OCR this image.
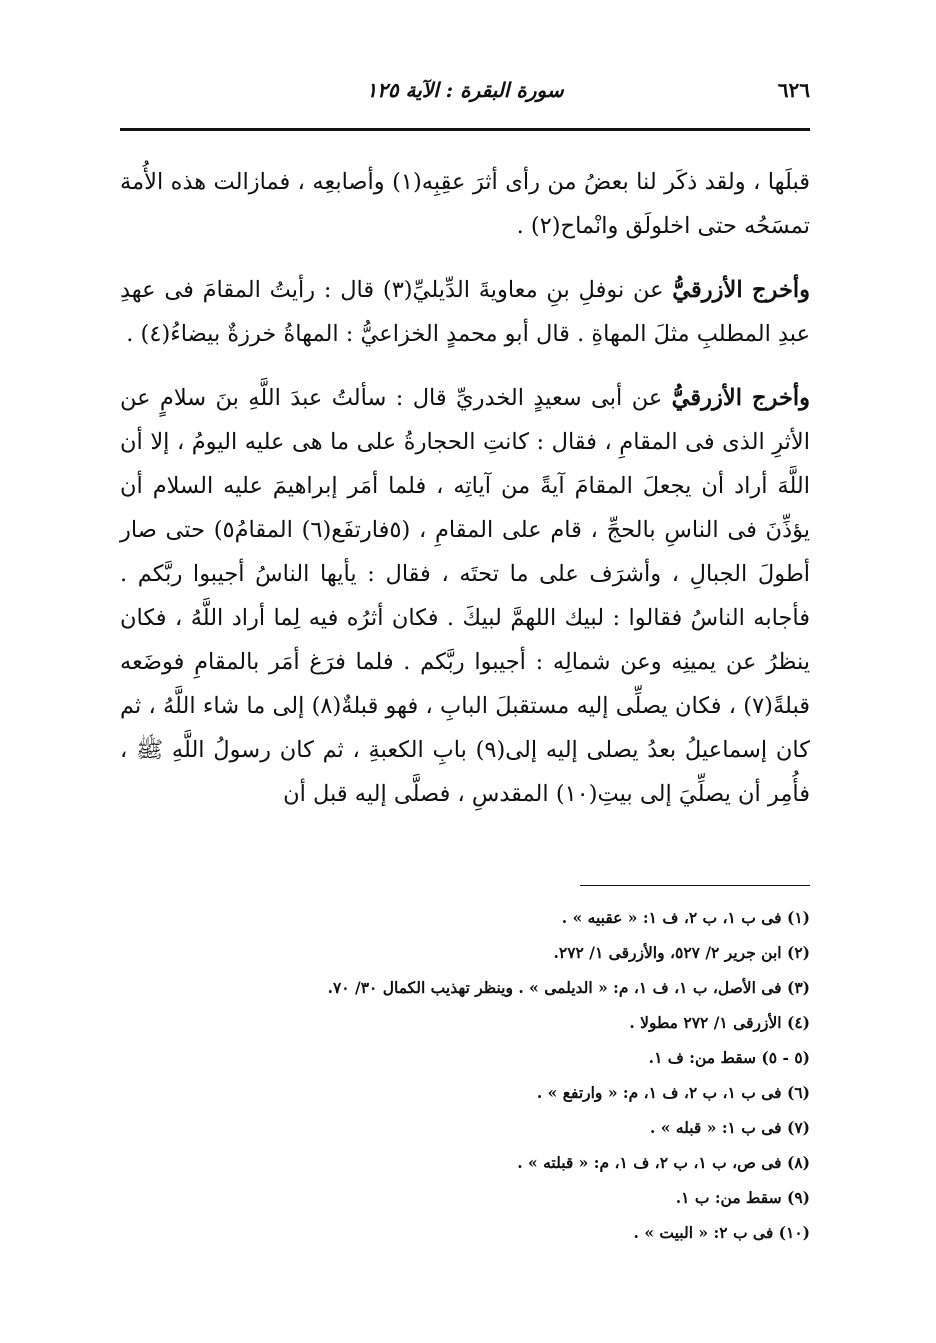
٦٢٦
سورة البقرة : الآية ١٢٥

قبلَها ، ولقد ذكَر لنا بعضُ من رأى أثرَ عقِبِه(١) وأصابعِه ، فمازالت هذه الأُمة تمسَحُه حتى اخلولَق وانْماح(٢) .

وأخرج الأزرقيُّ عن نوفلِ بنِ معاويةَ الدِّيليِّ(٣) قال : رأيتُ المقامَ فى عهدِ عبدِ المطلبِ مثلَ المهاةِ . قال أبو محمدٍ الخزاعيُّ : المهاةُ خرزةٌ بيضاءُ(٤) .

وأخرج الأزرقيُّ عن أبى سعيدٍ الخدريِّ قال : سألتُ عبدَ اللَّهِ بنَ سلامٍ عن الأثرِ الذى فى المقامِ ، فقال : كانتِ الحجارةُ على ما هى عليه اليومُ ، إلا أن اللَّهَ أراد أن يجعلَ المقامَ آيةً من آياتِه ، فلما أمَر إبراهيمَ عليه السلام أن يؤذِّنَ فى الناسِ بالحجِّ ، قام على المقامِ ، (٥فارتفَع(٦) المقامُ٥) حتى صار أطولَ الجبالِ ، وأشرَف على ما تحتَه ، فقال : يأيها الناسُ أجيبوا ربَّكم . فأجابه الناسُ فقالوا : لبيك اللهمَّ لبيكَ . فكان أثرُه فيه لِما أراد اللَّهُ ، فكان ينظرُ عن يمينِه وعن شمالِه : أجيبوا ربَّكم . فلما فرَغ أمَر بالمقامِ فوضَعه قبلةً(٧) ، فكان يصلِّى إليه مستقبلَ البابِ ، فهو قبلةٌ(٨) إلى ما شاء اللَّهُ ، ثم كان إسماعيلُ بعدُ يصلى إليه إلى(٩) بابِ الكعبةِ ، ثم كان رسولُ اللَّهِ ﷺ ، فأُمِر أن يصلِّيَ إلى بيتِ(١٠) المقدسِ ، فصلَّى إليه قبل أن

(١) فى ب ١، ب ٢، ف ١: « عقبيه » .
(٢) ابن جرير ٢/ ٥٢٧، والأزرقى ١/ ٢٧٢.
(٣) فى الأصل، ب ١، ف ١، م: « الديلمى » . وينظر تهذيب الكمال ٣٠/ ٧٠.
(٤) الأزرقى ١/ ٢٧٢ مطولا .
(٥ - ٥) سقط من: ف ١.
(٦) فى ب ١، ب ٢، ف ١، م: « وارتفع » .
(٧) فى ب ١: « قبله » .
(٨) فى ص، ب ١، ب ٢، ف ١، م: « قبلته » .
(٩) سقط من: ب ١.
(١٠) فى ب ٢: « البيت » .
